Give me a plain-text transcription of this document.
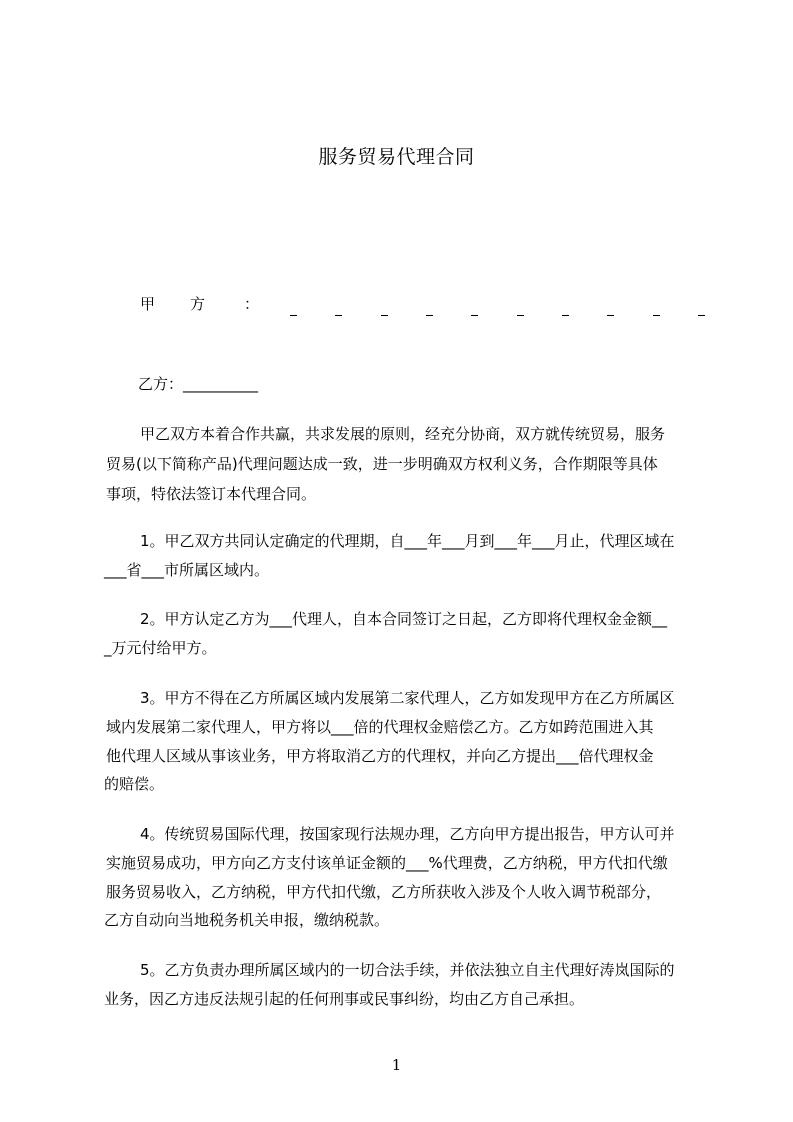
服务贸易代理合同
甲 方	：
乙方：__________
甲乙双方本着合作共赢，共求发展的原则，经充分协商，双方就传统贸易，服务
贸易(以下简称产品)代理问题达成一致，进一步明确双方权利义务，合作期限等具体
事项，特依法签订本代理合同。
1。甲乙双方共同认定确定的代理期，自___年___月到___年___月止，代理区域在
___省___市所属区域内。
2。甲方认定乙方为___代理人，自本合同签订之日起，乙方即将代理权金金额__
_万元付给甲方。
3。甲方不得在乙方所属区域内发展第二家代理人，乙方如发现甲方在乙方所属区
域内发展第二家代理人，甲方将以___倍的代理权金赔偿乙方。乙方如跨范围进入其
他代理人区域从事该业务，甲方将取消乙方的代理权，并向乙方提出___倍代理权金
的赔偿。
4。传统贸易国际代理，按国家现行法规办理，乙方向甲方提出报告，甲方认可并
实施贸易成功，甲方向乙方支付该单证金额的___%代理费，乙方纳税，甲方代扣代缴
服务贸易收入，乙方纳税，甲方代扣代缴，乙方所获收入涉及个人收入调节税部分，
乙方自动向当地税务机关申报，缴纳税款。
5。乙方负责办理所属区域内的一切合法手续，并依法独立自主代理好涛岚国际的
业务，因乙方违反法规引起的任何刑事或民事纠纷，均由乙方自己承担。
1
